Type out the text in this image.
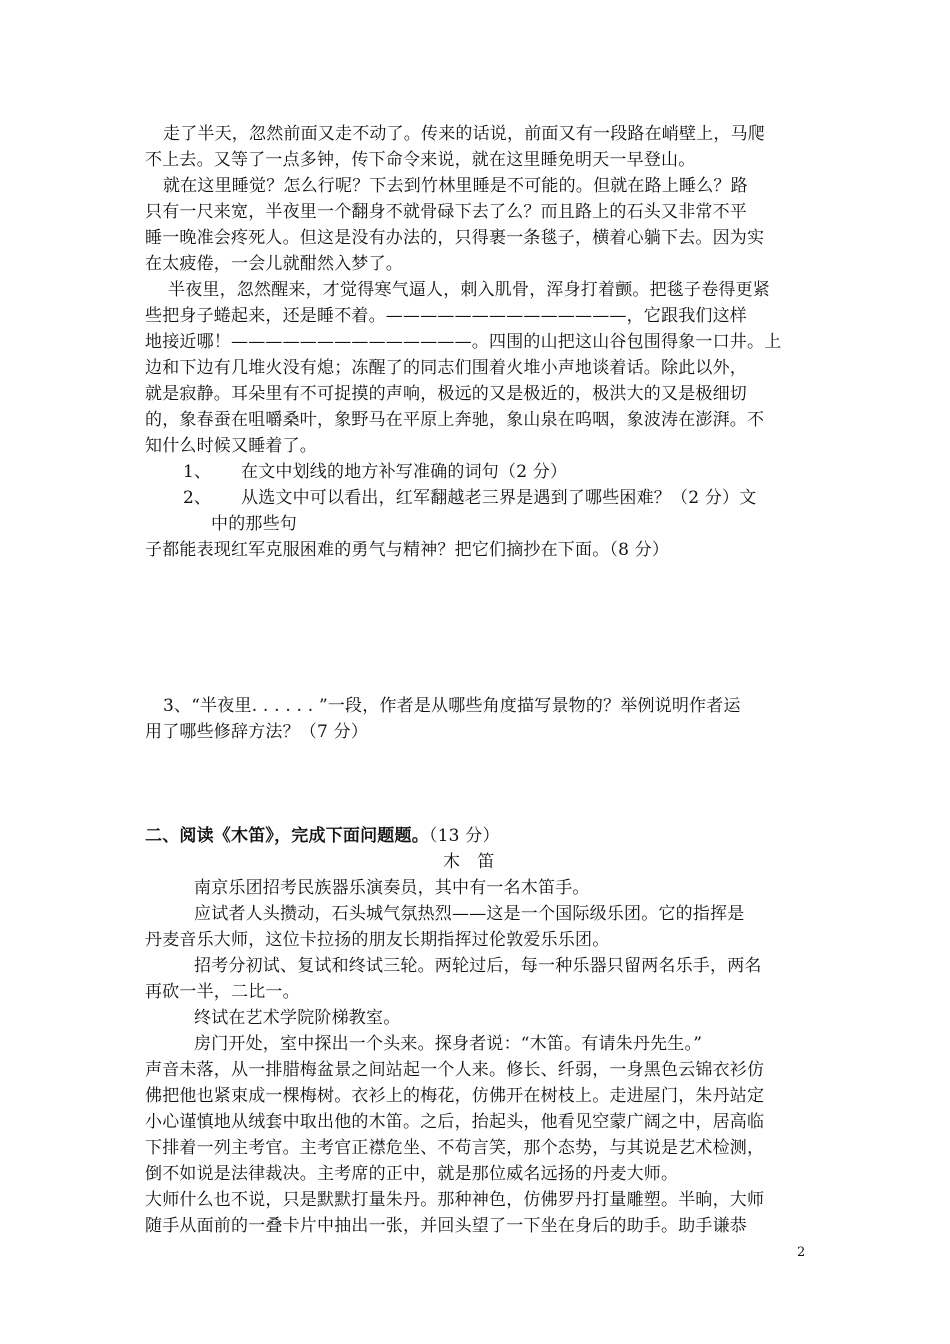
走了半天，忽然前面又走不动了。传来的话说，前面又有一段路在峭壁上，马爬
不上去。又等了一点多钟，传下命令来说，就在这里睡免明天一早登山。
就在这里睡觉？怎么行呢？下去到竹林里睡是不可能的。但就在路上睡么？路
只有一尺来宽，半夜里一个翻身不就骨碌下去了么？而且路上的石头又非常不平
睡一晚准会疼死人。但这是没有办法的，只得裹一条毯子，横着心躺下去。因为实
在太疲倦，一会儿就酣然入梦了。
半夜里，忽然醒来，才觉得寒气逼人，刺入肌骨，浑身打着颤。把毯子卷得更紧
些把身子蜷起来，还是睡不着。——————————————，它跟我们这样
地接近哪！——————————————。四围的山把这山谷包围得象一口井。上
边和下边有几堆火没有熄；冻醒了的同志们围着火堆小声地谈着话。除此以外，
就是寂静。耳朵里有不可捉摸的声响，极远的又是极近的，极洪大的又是极细切
的，象春蚕在咀嚼桑叶，象野马在平原上奔驰，象山泉在呜咽，象波涛在澎湃。不
知什么时候又睡着了。
1、 在文中划线的地方补写准确的词句（2 分）
2、 从选文中可以看出，红军翻越老三界是遇到了哪些困难？（2 分）文
中的那些句
子都能表现红军克服困难的勇气与精神？把它们摘抄在下面。（8 分）
3、“半夜里. . . . . . ”一段，作者是从哪些角度描写景物的？举例说明作者运
用了哪些修辞方法？（7 分）
二、阅读《木笛》，完成下面问题题。（13 分）
木　笛
南京乐团招考民族器乐演奏员，其中有一名木笛手。
应试者人头攒动，石头城气氛热烈——这是一个国际级乐团。它的指挥是
丹麦音乐大师，这位卡拉扬的朋友长期指挥过伦敦爱乐乐团。
招考分初试、复试和终试三轮。两轮过后，每一种乐器只留两名乐手，两名
再砍一半，二比一。
终试在艺术学院阶梯教室。
房门开处，室中探出一个头来。探身者说：“木笛。有请朱丹先生。”
声音未落，从一排腊梅盆景之间站起一个人来。修长、纤弱，一身黑色云锦衣衫仿
佛把他也紧束成一棵梅树。衣衫上的梅花，仿佛开在树枝上。走进屋门，朱丹站定
小心谨慎地从绒套中取出他的木笛。之后，抬起头，他看见空蒙广阔之中，居高临
下排着一列主考官。主考官正襟危坐、不苟言笑，那个态势，与其说是艺术检测，
倒不如说是法律裁决。主考席的正中，就是那位威名远扬的丹麦大师。
大师什么也不说，只是默默打量朱丹。那种神色，仿佛罗丹打量雕塑。半晌，大师
随手从面前的一叠卡片中抽出一张，并回头望了一下坐在身后的助手。助手谦恭
2
